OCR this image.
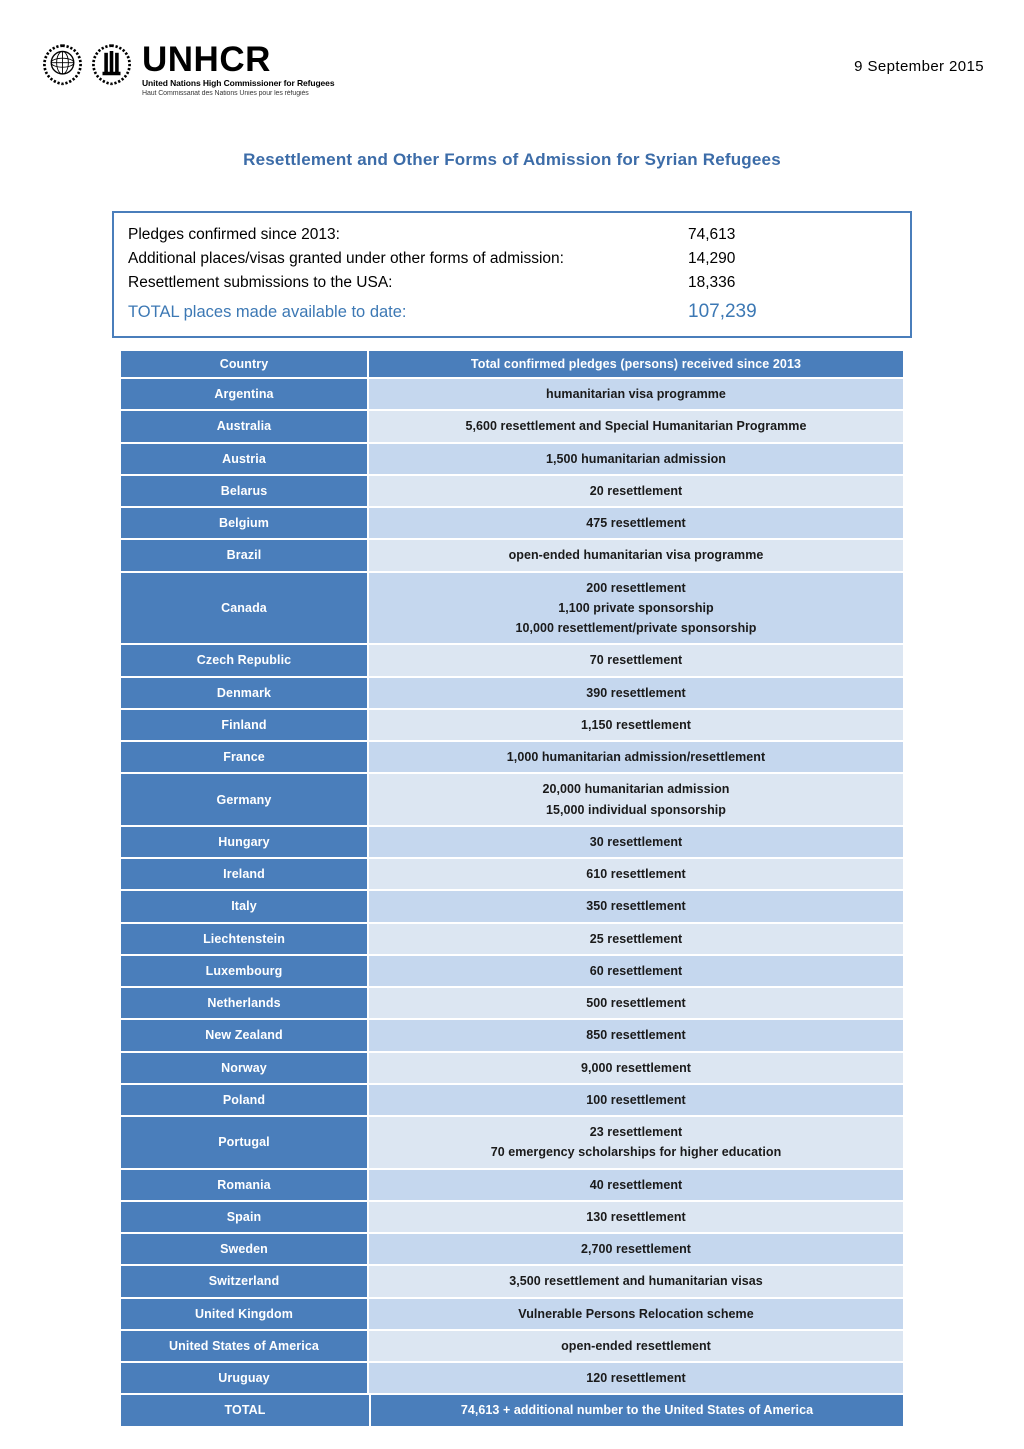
UNHCR
United Nations High Commissioner for Refugees
Haut Commissariat des Nations Unies pour les réfugiés
9 September 2015
Resettlement and Other Forms of Admission for Syrian Refugees
Pledges confirmed since 2013:	74,613
Additional places/visas granted under other forms of admission:	14,290
Resettlement submissions to the USA:	18,336
TOTAL places made available to date:	107,239
Country	Total confirmed pledges (persons) received since 2013
Argentina	humanitarian visa programme

Australia	5,600 resettlement and Special Humanitarian Programme

Austria	1,500 humanitarian admission

Belarus	20 resettlement

Belgium	475 resettlement

Brazil	open-ended humanitarian visa programme

Canada	200 resettlement
1,100 private sponsorship
10,000 resettlement/private sponsorship

Czech Republic	70 resettlement

Denmark	390 resettlement

Finland	1,150 resettlement

France	1,000 humanitarian admission/resettlement

Germany	20,000 humanitarian admission
15,000 individual sponsorship

Hungary	30 resettlement

Ireland	610 resettlement

Italy	350 resettlement

Liechtenstein	25 resettlement

Luxembourg	60 resettlement

Netherlands	500 resettlement

New Zealand	850 resettlement

Norway	9,000 resettlement

Poland	100 resettlement

Portugal	23 resettlement
70 emergency scholarships for higher education

Romania	40 resettlement

Spain	130 resettlement

Sweden	2,700 resettlement

Switzerland	3,500 resettlement and humanitarian visas

United Kingdom	Vulnerable Persons Relocation scheme

United States of America	open-ended resettlement

Uruguay	120 resettlement

TOTAL	74,613 + additional number to the United States of America
